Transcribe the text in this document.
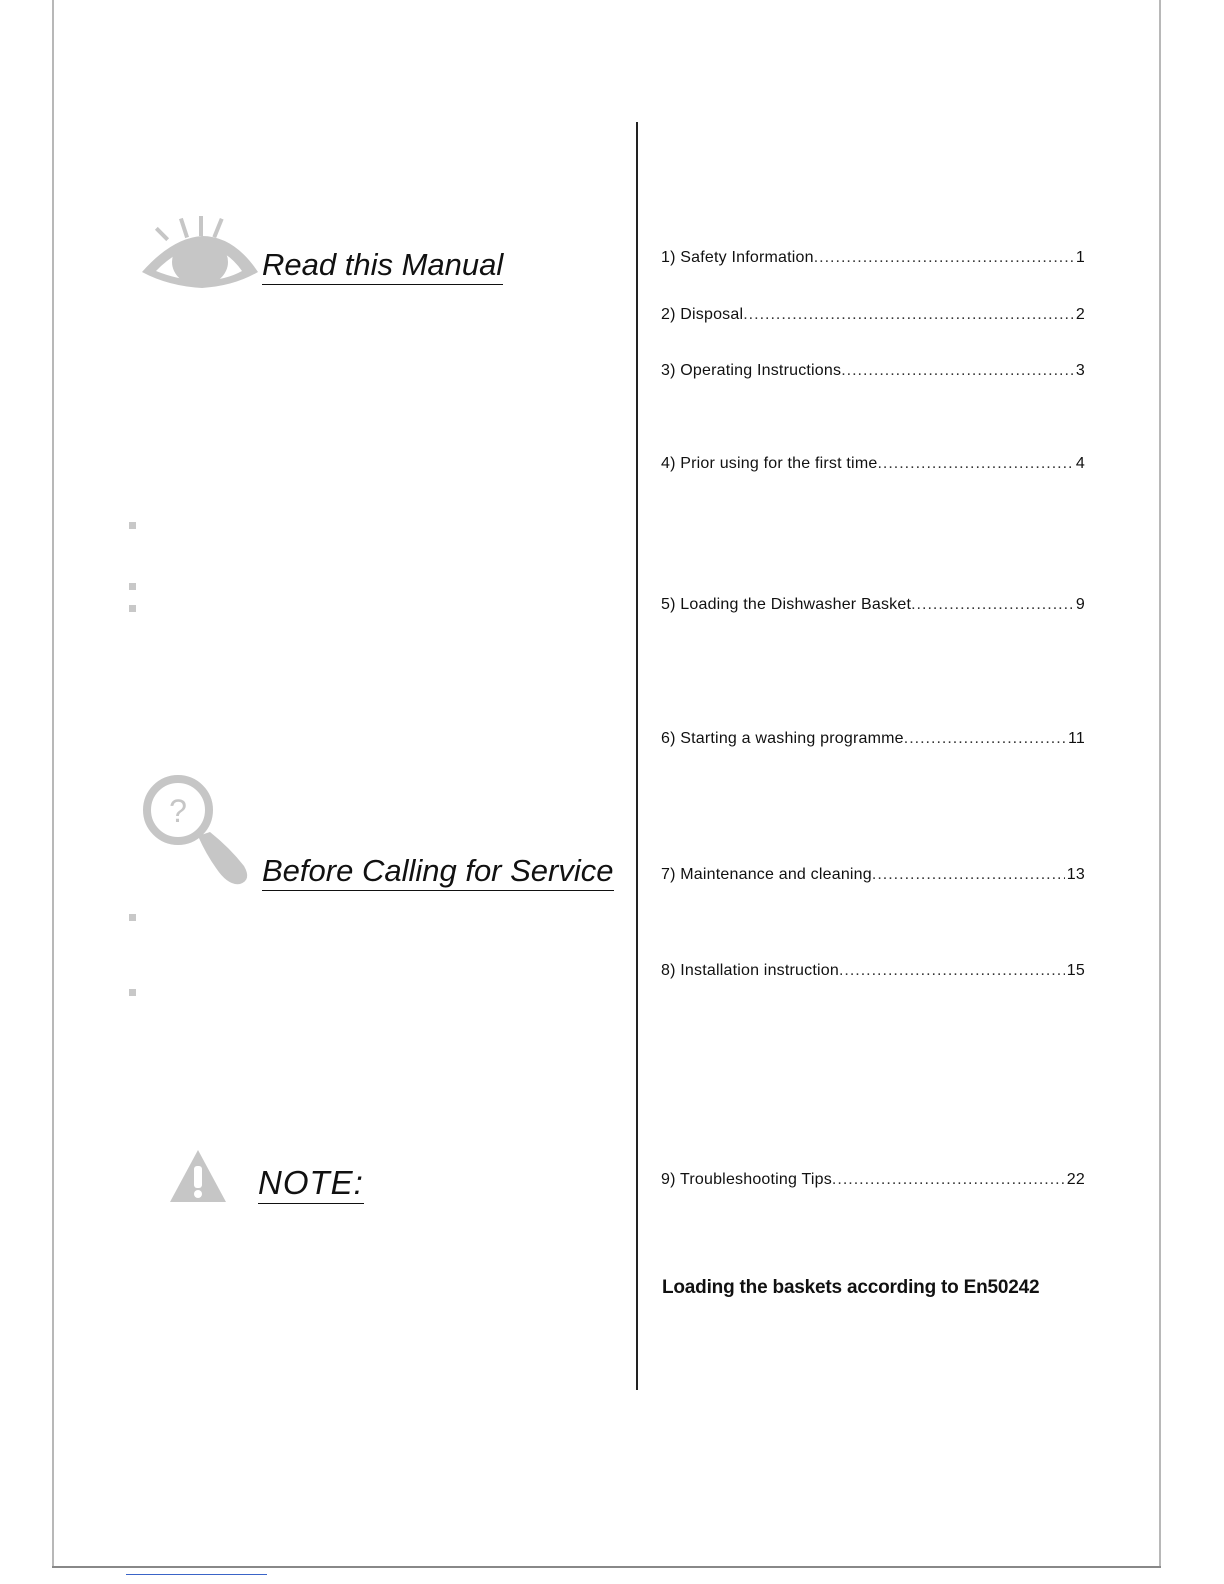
Read this Manual
?
Before Calling for Service
NOTE:
1) Safety Information .....	1
2) Disposal .....	2
3) Operating Instructions .....	3
4) Prior using for the first time .....	4
5) Loading the Dishwasher Basket .....	9
6) Starting a washing programme .....	11
7) Maintenance and cleaning .....	13
8) Installation instruction .....	15
9) Troubleshooting Tips .....	22
Loading the baskets according to En50242
